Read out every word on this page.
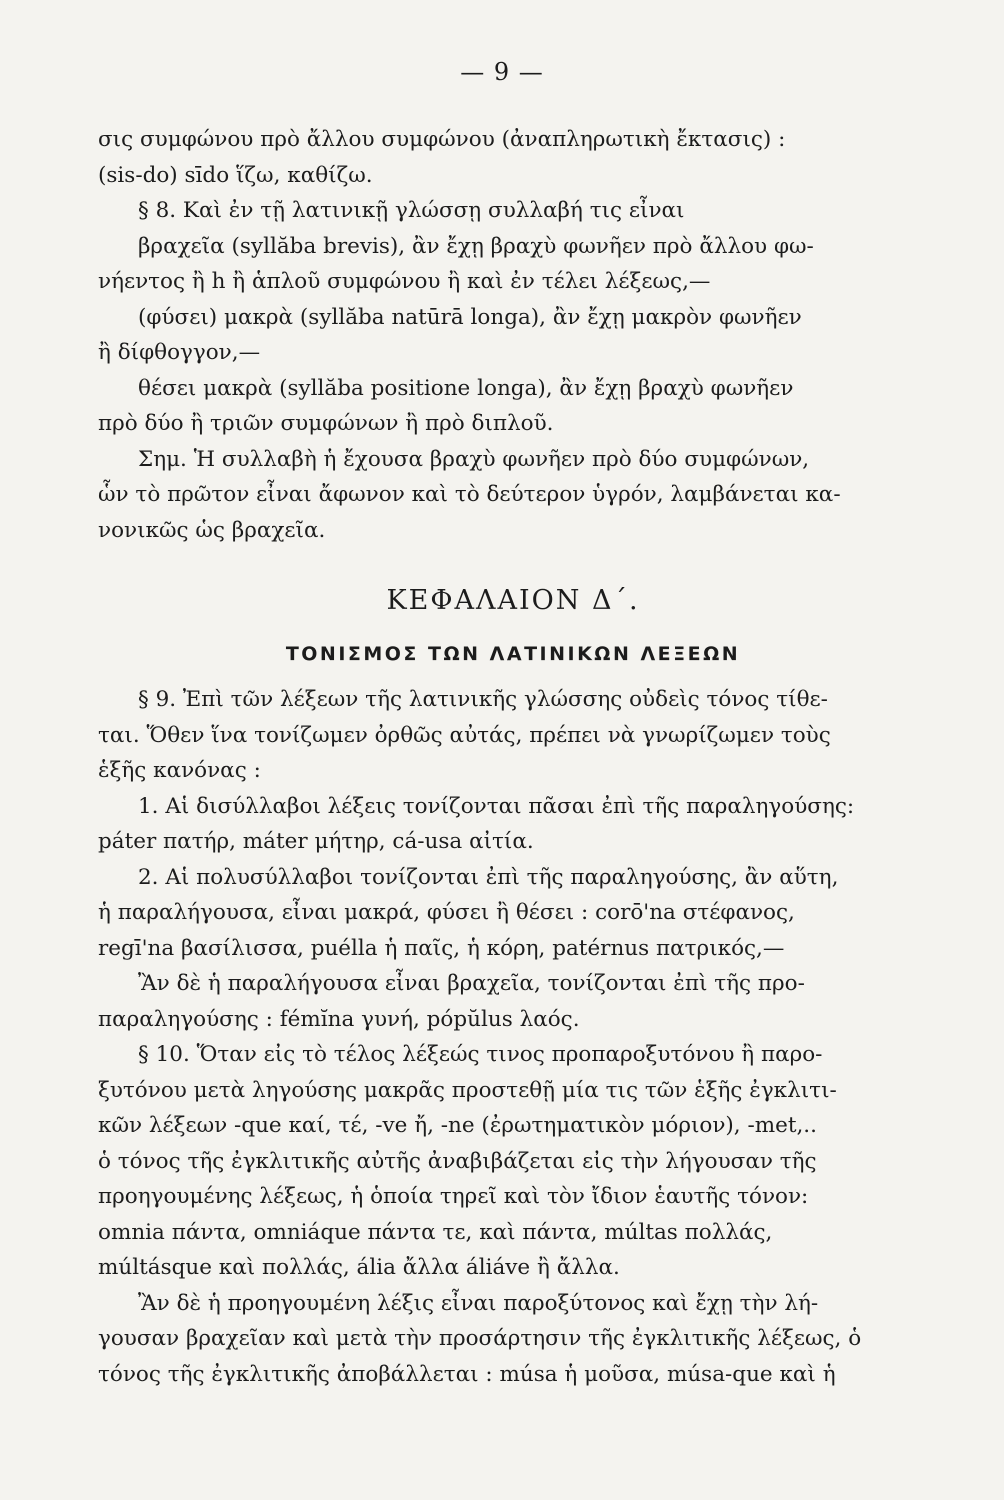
— 9 —
σις συμφώνου πρὸ ἄλλου συμφώνου (ἀναπληρωτικὴ ἔκτασις) :
(sis-do) sīdo ἵζω, καθίζω.
§ 8. Καὶ ἐν τῇ λατινικῇ γλώσσῃ συλλαβή τις εἶναι
βραχεῖα (syllăba brevis), ἂν ἔχῃ βραχὺ φωνῆεν πρὸ ἄλλου φω-
νήεντος ἢ h ἢ ἁπλοῦ συμφώνου ἢ καὶ ἐν τέλει λέξεως,—
(φύσει) μακρὰ (syllăba natūrā longa), ἂν ἔχῃ μακρὸν φωνῆεν
ἢ δίφθογγον,—
θέσει μακρὰ (syllăba positione longa), ἂν ἔχῃ βραχὺ φωνῆεν
πρὸ δύο ἢ τριῶν συμφώνων ἢ πρὸ διπλοῦ.
Σημ. Ἡ συλλαβὴ ἡ ἔχουσα βραχὺ φωνῆεν πρὸ δύο συμφώνων,
ὧν τὸ πρῶτον εἶναι ἄφωνον καὶ τὸ δεύτερον ὑγρόν, λαμβάνεται κα-
νονικῶς ὡς βραχεῖα.
ΚΕΦΑΛΑΙΟΝ Δ΄.
ΤΟΝΙΣΜΟΣ ΤΩΝ ΛΑΤΙΝΙΚΩΝ ΛΕΞΕΩΝ
§ 9. Ἐπὶ τῶν λέξεων τῆς λατινικῆς γλώσσης οὐδεὶς τόνος τίθε-
ται. Ὅθεν ἵνα τονίζωμεν ὀρθῶς αὐτάς, πρέπει νὰ γνωρίζωμεν τοὺς
ἑξῆς κανόνας :
1. Αἱ δισύλλαβοι λέξεις τονίζονται πᾶσαι ἐπὶ τῆς παραληγούσης:
páter πατήρ, máter μήτηρ, cá-usa αἰτία.
2. Αἱ πολυσύλλαβοι τονίζονται ἐπὶ τῆς παραληγούσης, ἂν αὕτη,
ἡ παραλήγουσα, εἶναι μακρά, φύσει ἢ θέσει : corō'na στέφανος,
regī'na βασίλισσα, puélla ἡ παῖς, ἡ κόρη, patérnus πατρικός,—
Ἂν δὲ ἡ παραλήγουσα εἶναι βραχεῖα, τονίζονται ἐπὶ τῆς προ-
παραληγούσης : fémĭna γυνή, pópŭlus λαός.
§ 10. Ὅταν εἰς τὸ τέλος λέξεώς τινος προπαροξυτόνου ἢ παρο-
ξυτόνου μετὰ ληγούσης μακρᾶς προστεθῇ μία τις τῶν ἑξῆς ἐγκλιτι-
κῶν λέξεων -que καί, τέ, -ve ἤ, -ne (ἐρωτηματικὸν μόριον), -met,..
ὁ τόνος τῆς ἐγκλιτικῆς αὐτῆς ἀναβιβάζεται εἰς τὴν λήγουσαν τῆς
προηγουμένης λέξεως, ἡ ὁποία τηρεῖ καὶ τὸν ἴδιον ἑαυτῆς τόνον:
omnia πάντα, omniáque πάντα τε, καὶ πάντα, múltas πολλάς,
múltásque καὶ πολλάς, ália ἄλλα áliáve ἢ ἄλλα.
Ἂν δὲ ἡ προηγουμένη λέξις εἶναι παροξύτονος καὶ ἔχῃ τὴν λή-
γουσαν βραχεῖαν καὶ μετὰ τὴν προσάρτησιν τῆς ἐγκλιτικῆς λέξεως, ὁ
τόνος τῆς ἐγκλιτικῆς ἀποβάλλεται : músa ἡ μοῦσα, músa-que καὶ ἡ
